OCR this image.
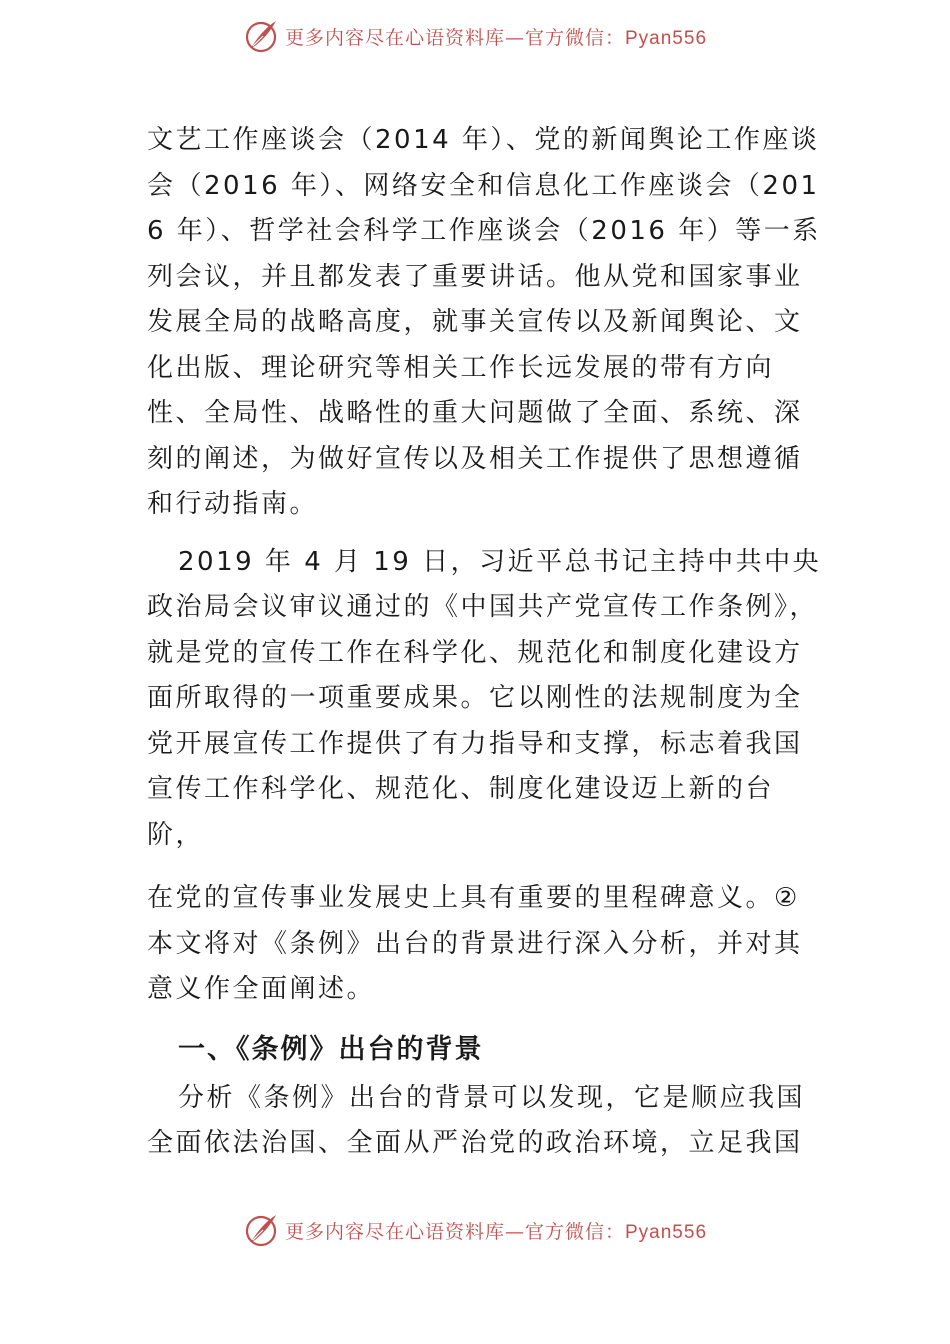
更多内容尽在心语资料库—官方微信：Pyan556

文艺工作座谈会（2014 年）、党的新闻舆论工作座谈会（2016 年）、网络安全和信息化工作座谈会（2016 年）、哲学社会科学工作座谈会（2016 年）等一系列会议，并且都发表了重要讲话。他从党和国家事业发展全局的战略高度，就事关宣传以及新闻舆论、文化出版、理论研究等相关工作长远发展的带有方向性、全局性、战略性的重大问题做了全面、系统、深刻的阐述，为做好宣传以及相关工作提供了思想遵循和行动指南。

2019 年 4 月 19 日，习近平总书记主持中共中央政治局会议审议通过的《中国共产党宣传工作条例》，就是党的宣传工作在科学化、规范化和制度化建设方面所取得的一项重要成果。它以刚性的法规制度为全党开展宣传工作提供了有力指导和支撑，标志着我国宣传工作科学化、规范化、制度化建设迈上新的台阶，

在党的宣传事业发展史上具有重要的里程碑意义。②本文将对《条例》出台的背景进行深入分析，并对其意义作全面阐述。

一、《条例》出台的背景

分析《条例》出台的背景可以发现，它是顺应我国全面依法治国、全面从严治党的政治环境，立足我国

更多内容尽在心语资料库—官方微信：Pyan556
